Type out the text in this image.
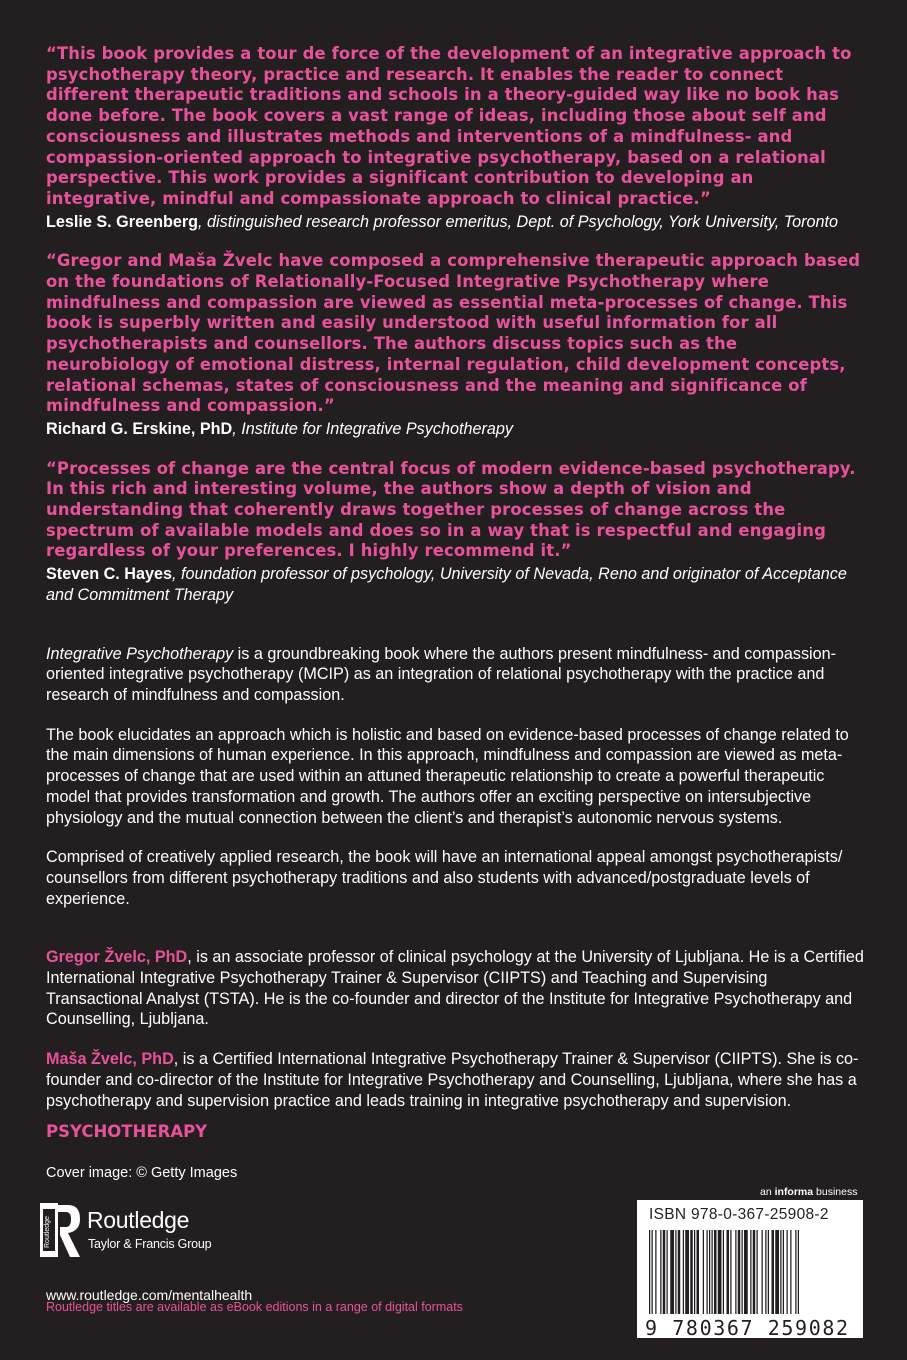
“This book provides a tour de force of the development of an integrative approach to psychotherapy theory, practice and research. It enables the reader to connect different therapeutic traditions and schools in a theory-guided way like no book has done before. The book covers a vast range of ideas, including those about self and consciousness and illustrates methods and interventions of a mindfulness- and compassion-oriented approach to integrative psychotherapy, based on a relational perspective. This work provides a significant contribution to developing an integrative, mindful and compassionate approach to clinical practice.”

Leslie S. Greenberg, distinguished research professor emeritus, Dept. of Psychology, York University, Toronto

“Gregor and Maša Žvelc have composed a comprehensive therapeutic approach based on the foundations of Relationally-Focused Integrative Psychotherapy where mindfulness and compassion are viewed as essential meta-processes of change. This book is superbly written and easily understood with useful information for all psychotherapists and counsellors. The authors discuss topics such as the neurobiology of emotional distress, internal regulation, child development concepts, relational schemas, states of consciousness and the meaning and significance of mindfulness and compassion.”

Richard G. Erskine, PhD, Institute for Integrative Psychotherapy

“Processes of change are the central focus of modern evidence-based psychotherapy. In this rich and interesting volume, the authors show a depth of vision and understanding that coherently draws together processes of change across the spectrum of available models and does so in a way that is respectful and engaging regardless of your preferences. I highly recommend it.”

Steven C. Hayes, foundation professor of psychology, University of Nevada, Reno and originator of Acceptance and Commitment Therapy

Integrative Psychotherapy is a groundbreaking book where the authors present mindfulness- and compassion-oriented integrative psychotherapy (MCIP) as an integration of relational psychotherapy with the practice and research of mindfulness and compassion.

The book elucidates an approach which is holistic and based on evidence-based processes of change related to the main dimensions of human experience. In this approach, mindfulness and compassion are viewed as meta-processes of change that are used within an attuned therapeutic relationship to create a powerful therapeutic model that provides transformation and growth. The authors offer an exciting perspective on intersubjective physiology and the mutual connection between the client’s and therapist’s autonomic nervous systems.

Comprised of creatively applied research, the book will have an international appeal amongst psychotherapists/ counsellors from different psychotherapy traditions and also students with advanced/postgraduate levels of experience.

Gregor Žvelc, PhD, is an associate professor of clinical psychology at the University of Ljubljana. He is a Certified International Integrative Psychotherapy Trainer & Supervisor (CIIPTS) and Teaching and Supervising Transactional Analyst (TSTA). He is the co-founder and director of the Institute for Integrative Psychotherapy and Counselling, Ljubljana.

Maša Žvelc, PhD, is a Certified International Integrative Psychotherapy Trainer & Supervisor (CIIPTS). She is co-founder and co-director of the Institute for Integrative Psychotherapy and Counselling, Ljubljana, where she has a psychotherapy and supervision practice and leads training in integrative psychotherapy and supervision.

PSYCHOTHERAPY
Cover image: © Getty Images
Routledge Routledge
Taylor & Francis Group
www.routledge.com/mentalhealth
Routledge titles are available as eBook editions in a range of digital formats
an informa business
ISBN 978-0-367-25908-2
9 780367 259082
